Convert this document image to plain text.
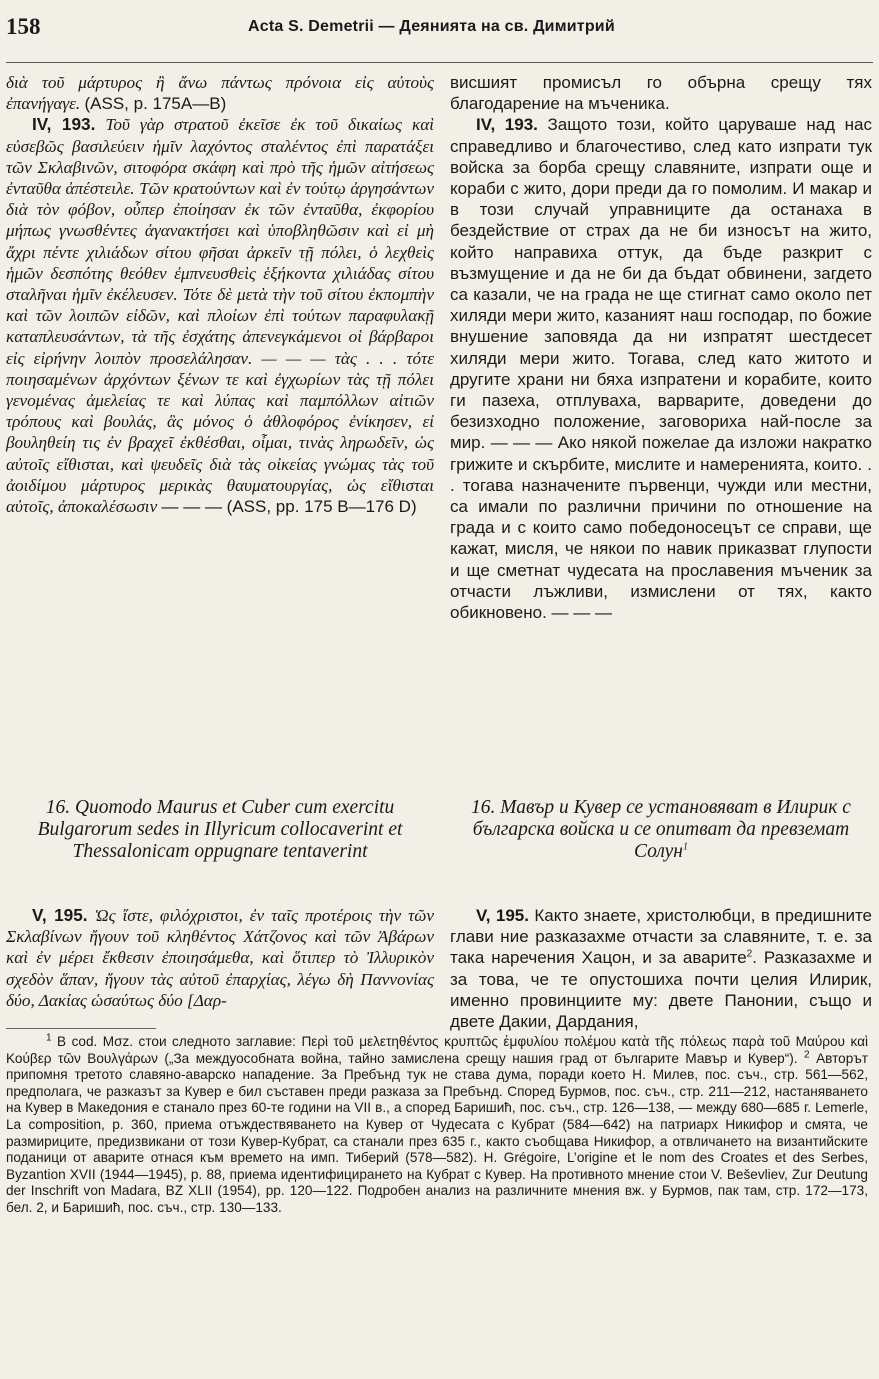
158	Acta S. Demetrii — Деянията на св. Димитрий

διὰ τοῦ μάρτυρος ἢ ἄνω πάντως πρόνοια εἰς αὐτοὺς ἐπανήγαγε. (ASS, p. 175A—B)

IV, 193. Τοῦ γὰρ στρατοῦ ἐκεῖσε ἐκ τοῦ δικαίως καὶ εὐσεβῶς βασιλεύειν ἡμῖν λαχόντος σταλέντος ἐπὶ παρατάξει τῶν Σκλαβινῶν, σιτοφόρα σκάφη καὶ πρὸ τῆς ἡμῶν αἰτήσεως ἐνταῦθα ἀπέστειλε. Τῶν κρατούντων καὶ ἐν τούτῳ ἀργησάντων διὰ τὸν φόβον, οὗπερ ἐποίησαν ἐκ τῶν ἐνταῦθα, ἐκφορίου μήπως γνωσθέντες ἀγανακτήσει καὶ ὑποβληθῶσιν καὶ εἰ μὴ ἄχρι πέντε χιλιάδων σίτου φῆσαι ἀρκεῖν τῇ πόλει, ὁ λεχθεὶς ἡμῶν δεσπότης θεόθεν ἐμπνευσθεὶς ἑξήκοντα χιλιάδας σίτου σταλῆναι ἡμῖν ἐκέλευσεν. Τότε δὲ μετὰ τὴν τοῦ σίτου ἐκπομπὴν καὶ τῶν λοιπῶν εἰδῶν, καὶ πλοίων ἐπὶ τούτων παραφυλακῇ καταπλευσάντων, τὰ τῆς ἐσχάτης ἀπενεγκάμενοι οἱ βάρβαροι εἰς εἰρήνην λοιπὸν προσελάλησαν. — — — τὰς . . . τότε ποιησαμένων ἀρχόντων ξένων τε καὶ ἐγχωρίων τὰς τῇ πόλει γενομένας ἀμελείας τε καὶ λύπας καὶ παμπόλλων αἰτιῶν τρόπους καὶ βουλάς, ἃς μόνος ὁ ἀθλοφόρος ἐνίκησεν, εἰ βουληθείη τις ἐν βραχεῖ ἐκθέσθαι, οἶμαι, τινὰς ληρωδεῖν, ὡς αὐτοῖς εἴθισται, καὶ ψευδεῖς διὰ τὰς οἰκείας γνώμας τὰς τοῦ ἀοιδίμου μάρτυρος μερικὰς θαυματουργίας, ὡς εἴθισται αὐτοῖς, ἀποκαλέσωσιν — — — (ASS, pp. 175 B—176 D)

16. Quomodo Maurus et Cuber cum exercitu Bulgarorum sedes in Illyricum collocaverint et Thessalonicam oppugnare tentaverint

V, 195. Ὡς ἴστε, φιλόχριστοι, ἐν ταῖς προτέροις τὴν τῶν Σκλαβίνων ἤγουν τοῦ κληθέντος Χάτζονος καὶ τῶν Ἀβάρων καὶ ἐν μέρει ἔκθεσιν ἐποιησάμεθα, καὶ ὅτιπερ τὸ Ἰλλυρικὸν σχεδὸν ἅπαν, ἤγουν τὰς αὐτοῦ ἐπαρχίας, λέγω δὴ Παννονίας δύο, Δακίας ὡσαύτως δύο [Δαρ-

висшият промисъл го обърна срещу тях благодарение на мъченика.

IV, 193. Защото този, който царуваше над нас справедливо и благочестиво, след като изпрати тук войска за борба срещу славяните, изпрати още и кораби с жито, дори преди да го помолим. И макар и в този случай управниците да останаха в бездействие от страх да не би износът на жито, който направиха оттук, да бъде разкрит с възмущение и да не би да бъдат обвинени, загдето са казали, че на града не ще стигнат само около пет хиляди мери жито, казаният наш господар, по божие внушение заповяда да ни изпратят шестдесет хиляди мери жито. Тогава, след като житото и другите храни ни бяха изпратени и корабите, които ги пазеха, отплуваха, варварите, доведени до безизходно положение, заговориха най-после за мир. — — — Ако някой пожелае да изложи накратко грижите и скърбите, мислите и намеренията, които. . . тогава назначените първенци, чужди или местни, са имали по различни причини по отношение на града и с които само победоносецът се справи, ще кажат, мисля, че някои по навик приказват глупости и ще сметнат чудесата на прославения мъченик за отчасти лъжливи, измислени от тях, както обикновено. — — —

16. Мавър и Кувер се установяват в Илирик с българска войска и се опитват да превземат Солун$^1$

V, 195. Както знаете, христолюбци, в предишните глави ние разказахме отчасти за славяните, т. е. за така наречения Хацон, и за аварите$^2$. Разказахме и за това, че те опустошиха почти целия Илирик, именно провинциите му: двете Панонии, също и двете Дакии, Дардания,

$^1$ В cod. Mσz. стои следното заглавие: Περὶ τοῦ μελετηθέντος κρυπτῶς ἐμφυλίου πολέμου κατὰ τῆς πόλεως παρὰ τοῦ Μαύρου καὶ Κούβερ τῶν Βουλγάρων („За междуособната война, тайно замислена срещу нашия град от българите Мавър и Кувер“). $^2$ Авторът припомня третото славяно-аварско нападение. За Пребънд тук не става дума, поради което Н. Милев, пос. съч., стр. 561—562, предполага, че разказът за Кувер е бил съставен преди разказа за Пребънд. Според Бурмов, пос. съч., стр. 211—212, настаняването на Кувер в Македония е станало през 60-те години на VII в., а според Баришић, пос. съч., стр. 126—138, — между 680—685 г. Lemerle, La composition, p. 360, приема отъждествяването на Кувер от Чудесата с Кубрат (584—642) на патриарх Никифор и смята, че размириците, предизвикани от този Кувер-Кубрат, са станали през 635 г., както съобщава Никифор, а отвличането на византийските поданици от аварите отнася към времето на имп. Тиберий (578—582). H. Grégoire, L’origine et le nom des Croates et des Serbes, Byzantion XVII (1944—1945), p. 88, приема идентифицирането на Кубрат с Кувер. На противното мнение стои V. Beševliev, Zur Deutung der Inschrift von Madara, BZ XLII (1954), pp. 120—122. Подробен анализ на различните мнения вж. у Бурмов, пак там, стр. 172—173, бел. 2, и Баришић, пос. съч., стр. 130—133.
